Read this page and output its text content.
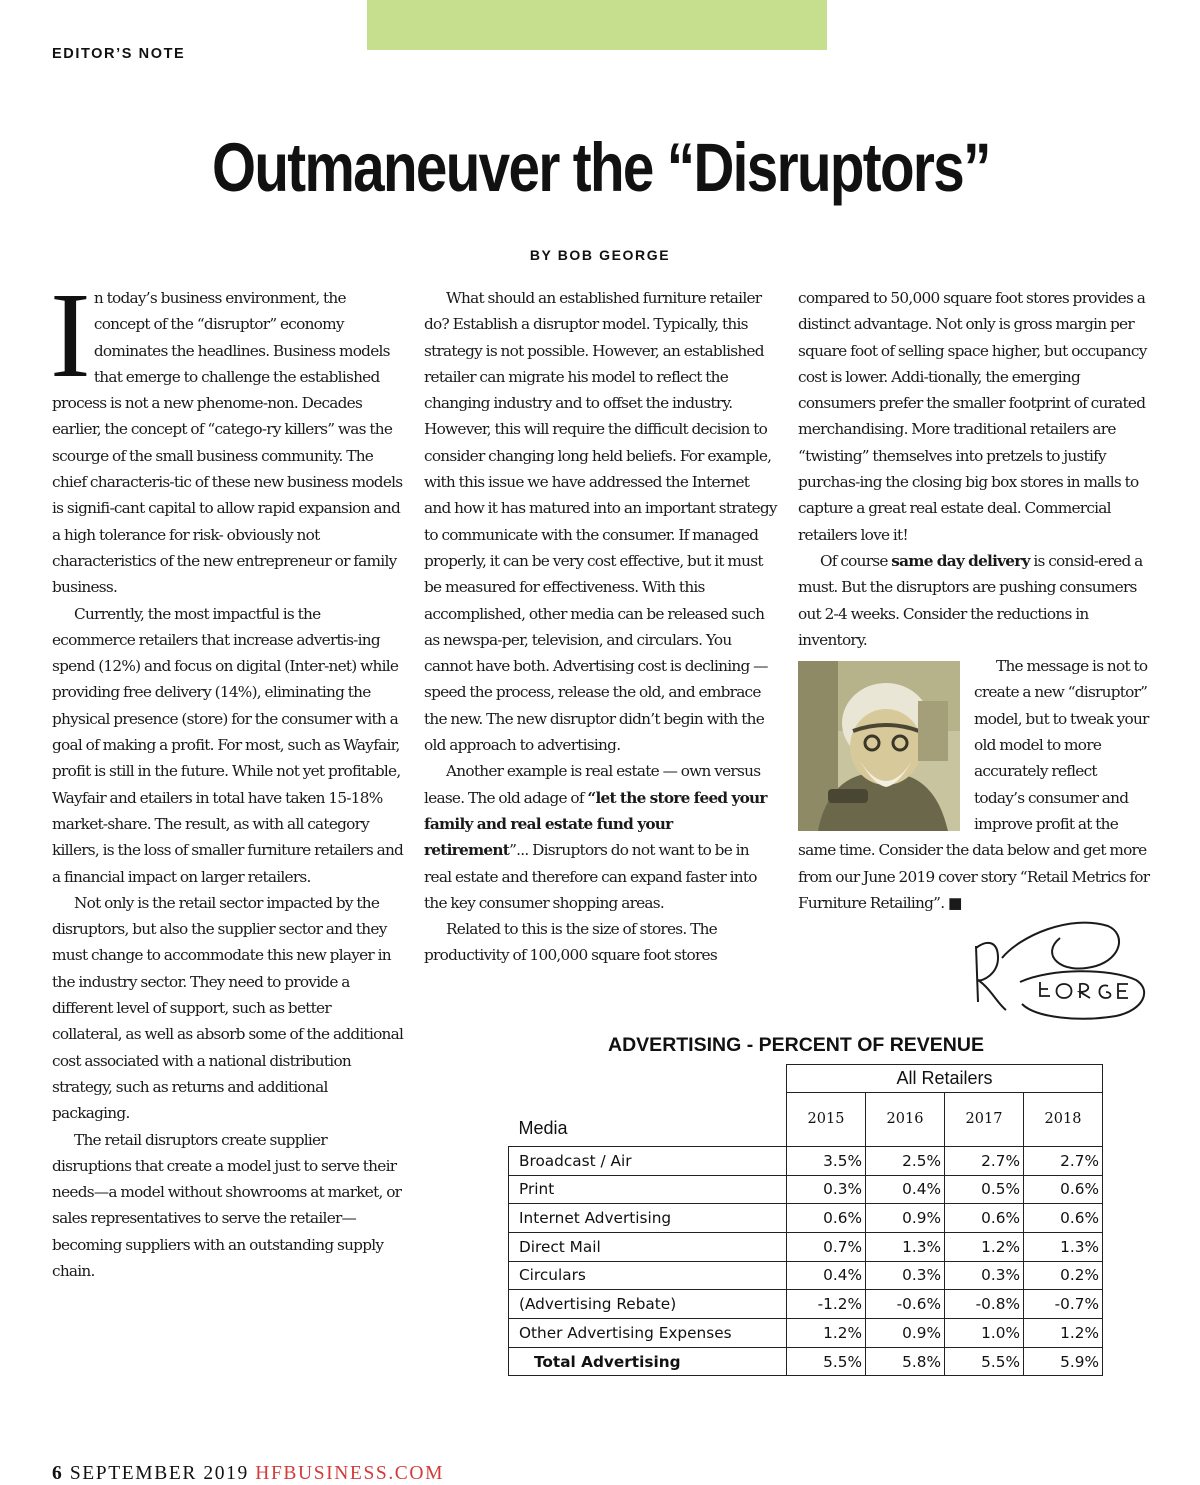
EDITOR’S NOTE
Outmaneuver the “Disruptors”
BY BOB GEORGE
I n today’s business environment, the concept of the “disruptor” economy dominates the headlines. Business models that emerge to challenge the established process is not a new phenome-non. Decades earlier, the concept of “catego-ry killers” was the scourge of the small business community. The chief characteris-tic of these new business models is signifi-cant capital to allow rapid expansion and a high tolerance for risk- obviously not characteristics of the new entrepreneur or family business.

Currently, the most impactful is the ecommerce retailers that increase advertis-ing spend (12%) and focus on digital (Inter-net) while providing free delivery (14%), eliminating the physical presence (store) for the consumer with a goal of making a profit. For most, such as Wayfair, profit is still in the future. While not yet profitable, Wayfair and etailers in total have taken 15-18% market-share. The result, as with all category killers, is the loss of smaller furniture retailers and a financial impact on larger retailers.

Not only is the retail sector impacted by the disruptors, but also the supplier sector and they must change to accommodate this new player in the industry sector. They need to provide a different level of support, such as better collateral, as well as absorb some of the additional cost associated with a national distribution strategy, such as returns and additional packaging.

The retail disruptors create supplier disruptions that create a model just to serve their needs—a model without showrooms at market, or sales representatives to serve the retailer— becoming suppliers with an outstanding supply chain.

What should an established furniture retailer do? Establish a disruptor model. Typically, this strategy is not possible. However, an established retailer can migrate his model to reflect the changing industry and to offset the industry. However, this will require the difficult decision to consider changing long held beliefs. For example, with this issue we have addressed the Internet and how it has matured into an important strategy to communicate with the consumer. If managed properly, it can be very cost effective, but it must be measured for effectiveness. With this accomplished, other media can be released such as newspa-per, television, and circulars. You cannot have both. Advertising cost is declining — speed the process, release the old, and embrace the new. The new disruptor didn’t begin with the old approach to advertising.

Another example is real estate — own versus lease. The old adage of “let the store feed your family and real estate fund your retirement”... Disruptors do not want to be in real estate and therefore can expand faster into the key consumer shopping areas.

Related to this is the size of stores. The productivity of 100,000 square foot stores

compared to 50,000 square foot stores provides a distinct advantage. Not only is gross margin per square foot of selling space higher, but occupancy cost is lower. Addi-tionally, the emerging consumers prefer the smaller footprint of curated merchandising. More traditional retailers are “twisting” themselves into pretzels to justify purchas-ing the closing big box stores in malls to capture a great real estate deal. Commercial retailers love it!

Of course same day delivery is consid-ered a must. But the disruptors are pushing consumers out 2-4 weeks. Consider the reductions in inventory.

The message is not to create a new “disruptor” model, but to tweak your old model to more accurately reflect today’s consumer and improve profit at the same time. Consider the data below and get more from our June 2019 cover story “Retail Metrics for Furniture Retailing”. ■

ADVERTISING - PERCENT OF REVENUE
	All Retailers			
Media	2015	2016	2017	2018
Broadcast / Air	3.5%	2.5%	2.7%	2.7%
Print	0.3%	0.4%	0.5%	0.6%
Internet Advertising	0.6%	0.9%	0.6%	0.6%
Direct Mail	0.7%	1.3%	1.2%	1.3%
Circulars	0.4%	0.3%	0.3%	0.2%
(Advertising Rebate)	-1.2%	-0.6%	-0.8%	-0.7%
Other Advertising Expenses	1.2%	0.9%	1.0%	1.2%
Total Advertising	5.5%	5.8%	5.5%	5.9%
6 SEPTEMBER 2019 HFBUSINESS.COM
